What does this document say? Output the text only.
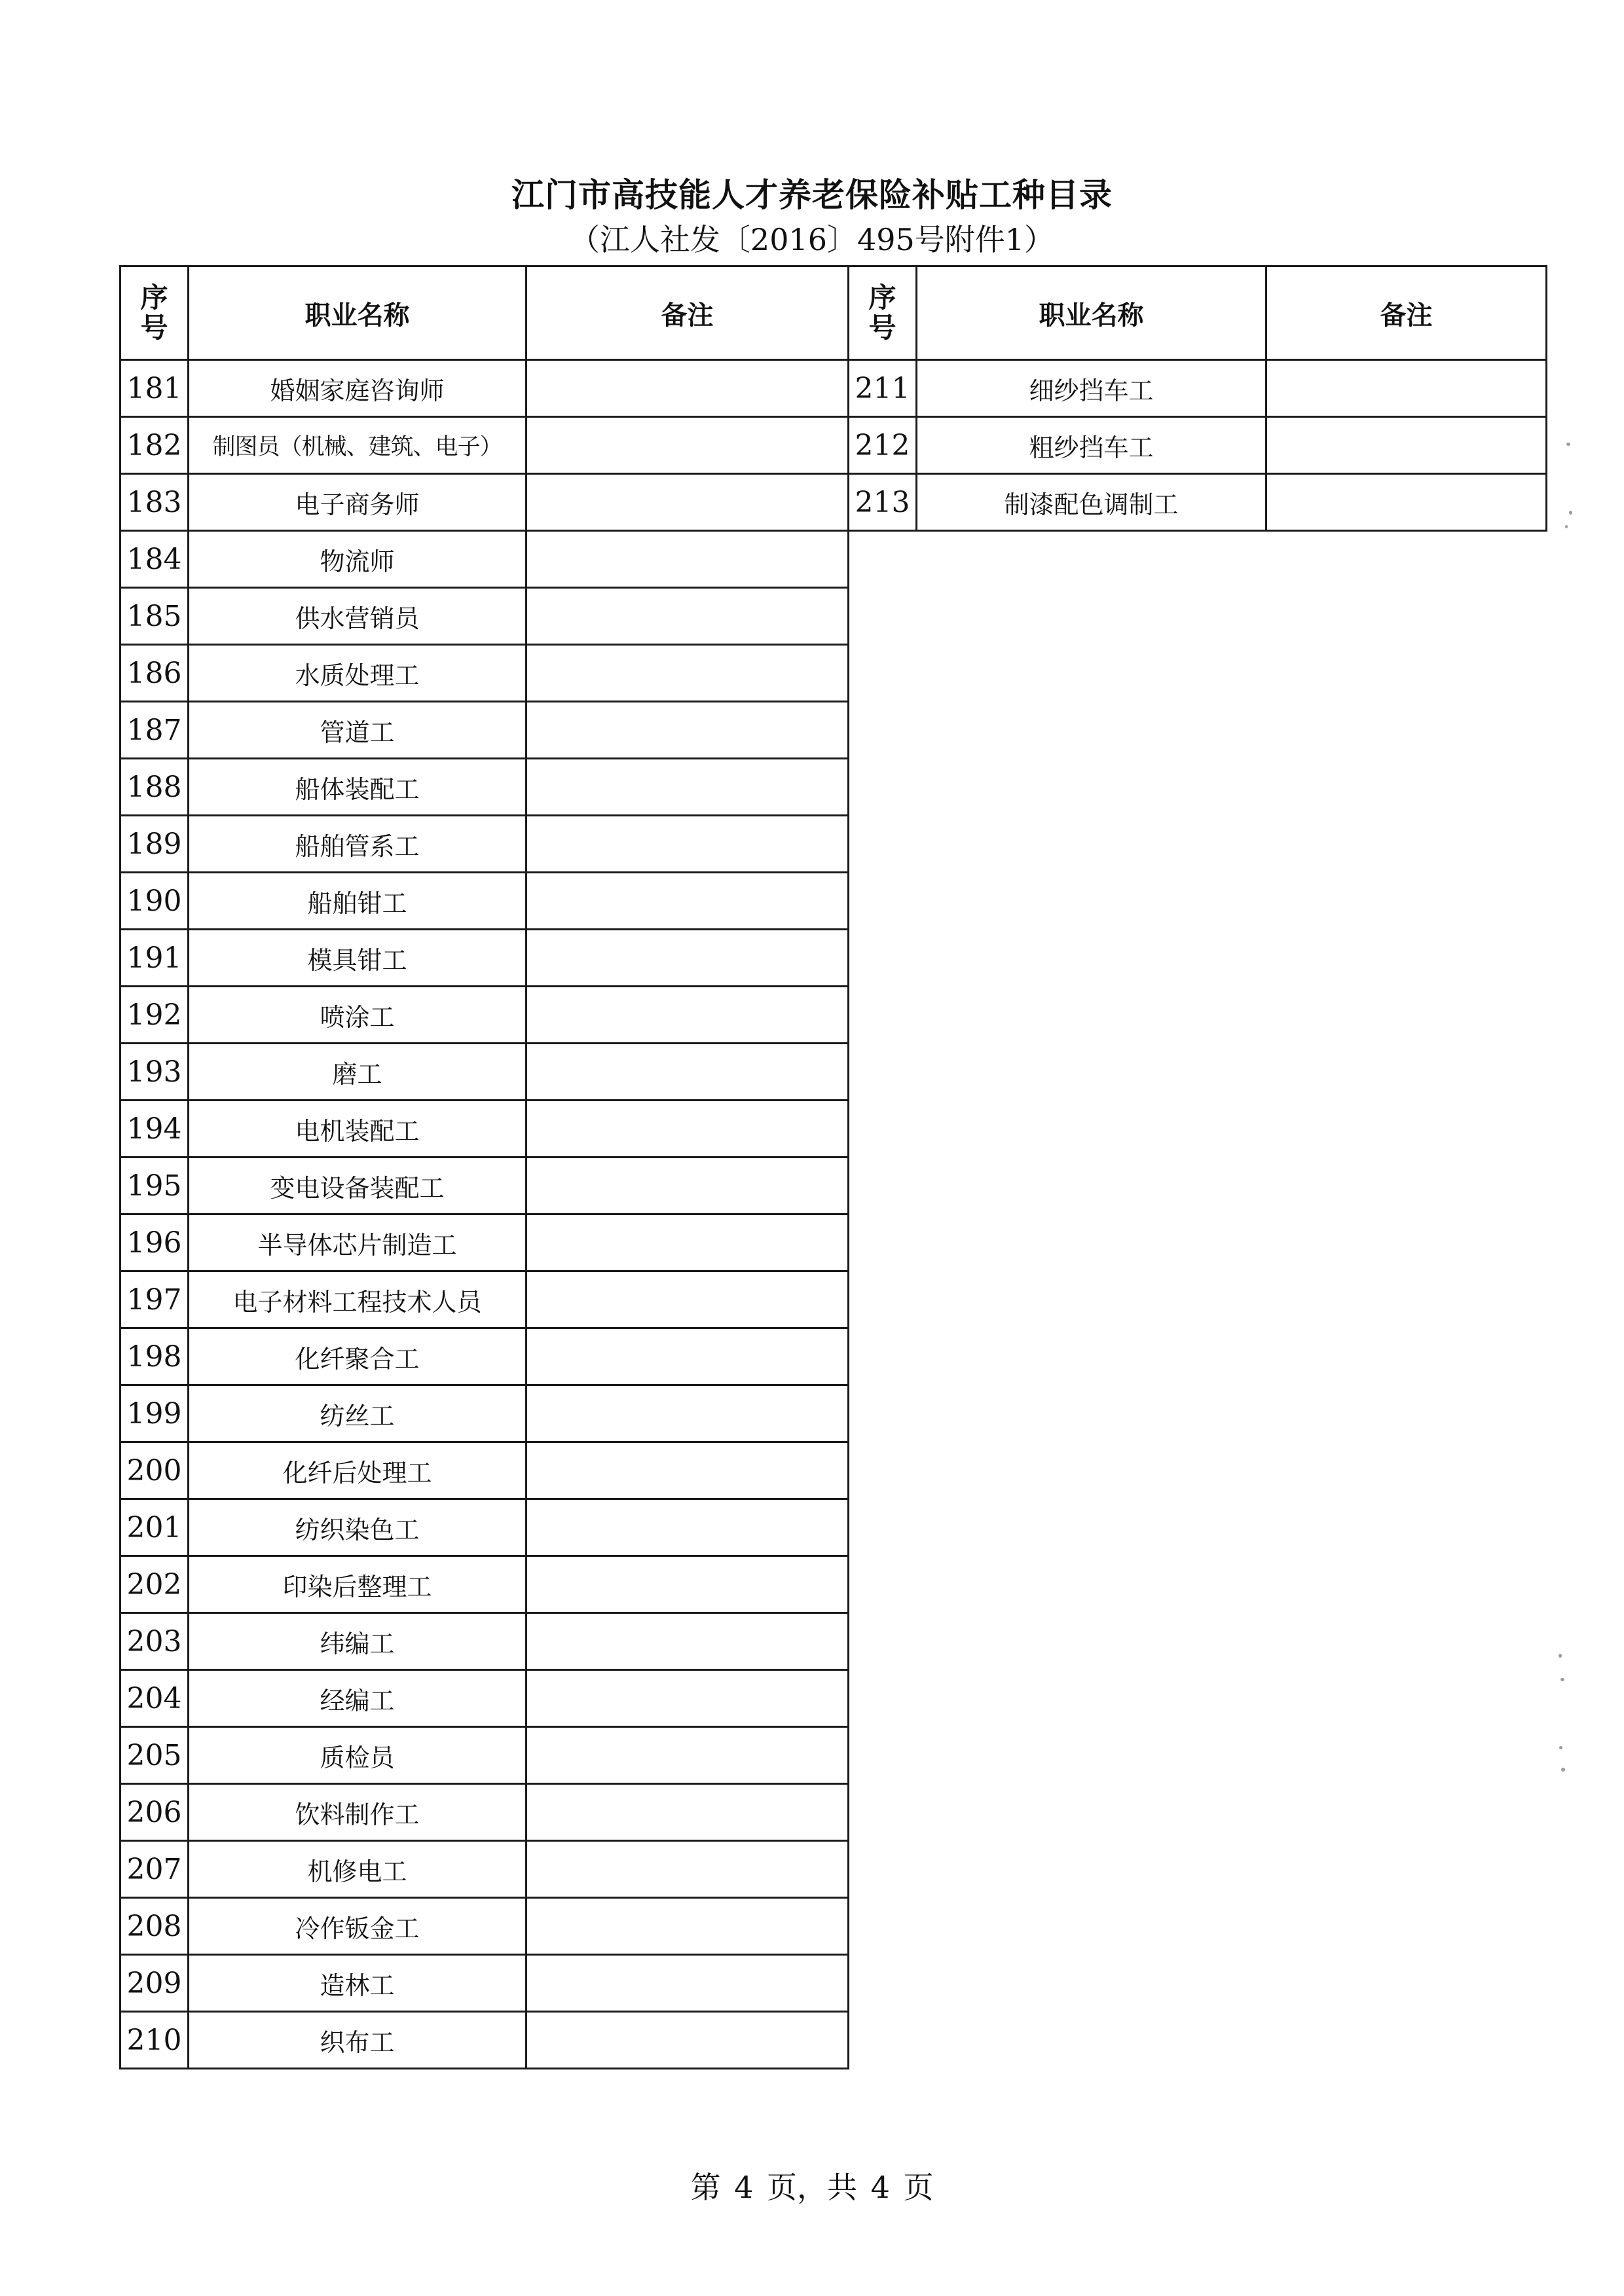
江门市高技能人才养老保险补贴工种目录
（江人社发〔2016〕495号附件1）
序号	职业名称	备注
181	婚姻家庭咨询师	
182	制图员（机械、建筑、电子）	
183	电子商务师	
184	物流师	
185	供水营销员	
186	水质处理工	
187	管道工	
188	船体装配工	
189	船舶管系工	
190	船舶钳工	
191	模具钳工	
192	喷涂工	
193	磨工	
194	电机装配工	
195	变电设备装配工	
196	半导体芯片制造工	
197	电子材料工程技术人员	
198	化纤聚合工	
199	纺丝工	
200	化纤后处理工	
201	纺织染色工	
202	印染后整理工	
203	纬编工	
204	经编工	
205	质检员	
206	饮料制作工	
207	机修电工	
208	冷作钣金工	
209	造林工	
210	织布工	
序号	职业名称	备注
211	细纱挡车工	
212	粗纱挡车工	
213	制漆配色调制工	
第 4 页，共 4 页
